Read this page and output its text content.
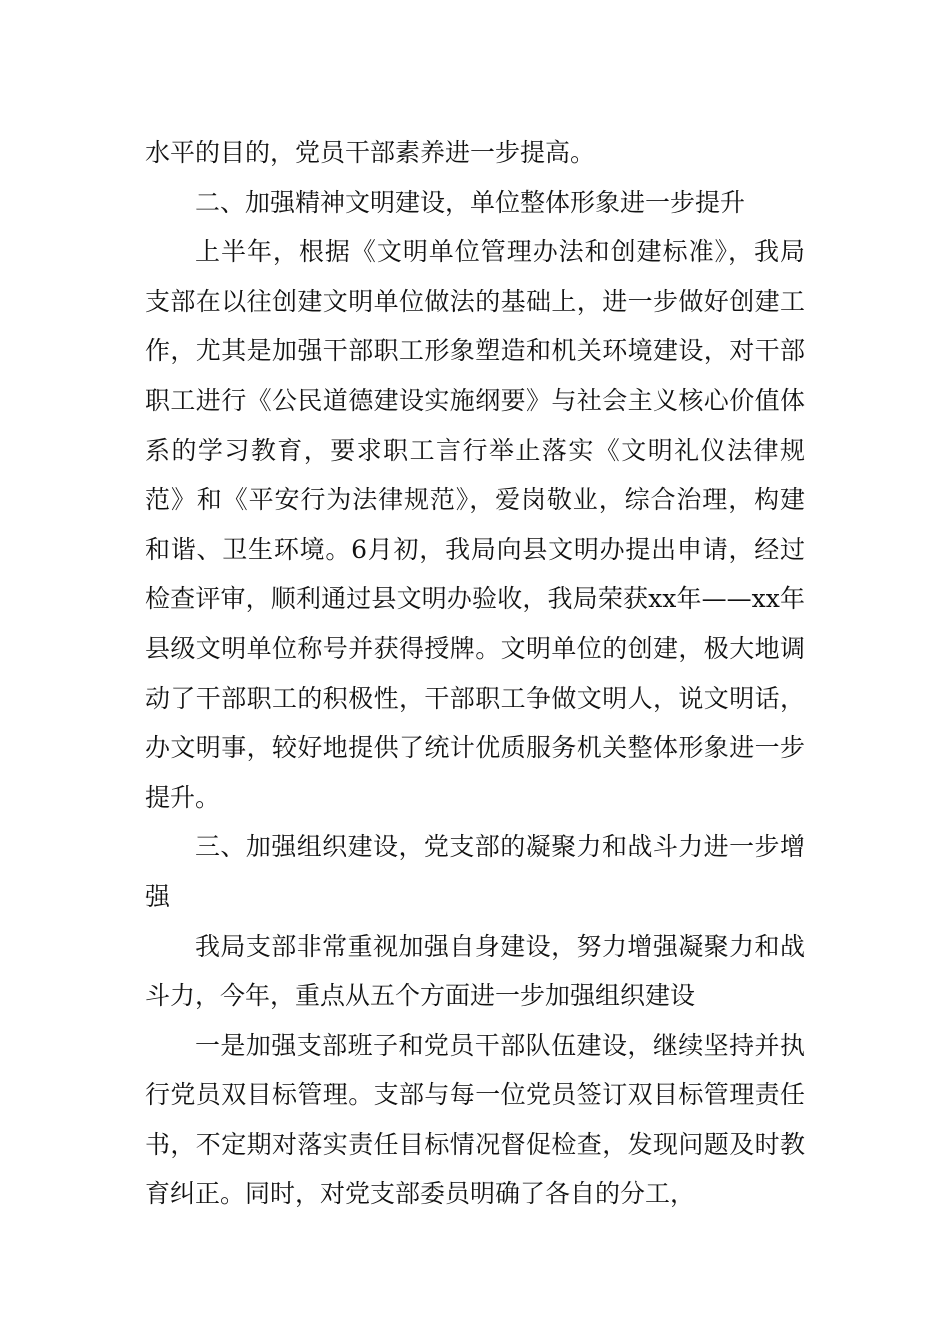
水平的目的，党员干部素养进一步提高。

二、加强精神文明建设，单位整体形象进一步提升

上半年，根据《文明单位管理办法和创建标准》，我局支部在以往创建文明单位做法的基础上，进一步做好创建工作，尤其是加强干部职工形象塑造和机关环境建设，对干部职工进行《公民道德建设实施纲要》与社会主义核心价值体系的学习教育，要求职工言行举止落实《文明礼仪法律规范》和《平安行为法律规范》，爱岗敬业，综合治理，构建和谐、卫生环境。6月初，我局向县文明办提出申请，经过检查评审，顺利通过县文明办验收，我局荣获xx年——xx年县级文明单位称号并获得授牌。文明单位的创建，极大地调动了干部职工的积极性，干部职工争做文明人，说文明话，办文明事，较好地提供了统计优质服务机关整体形象进一步提升。

三、加强组织建设，党支部的凝聚力和战斗力进一步增强

我局支部非常重视加强自身建设，努力增强凝聚力和战斗力，今年，重点从五个方面进一步加强组织建设

一是加强支部班子和党员干部队伍建设，继续坚持并执行党员双目标管理。支部与每一位党员签订双目标管理责任书，不定期对落实责任目标情况督促检查，发现问题及时教育纠正。同时，对党支部委员明确了各自的分工，
